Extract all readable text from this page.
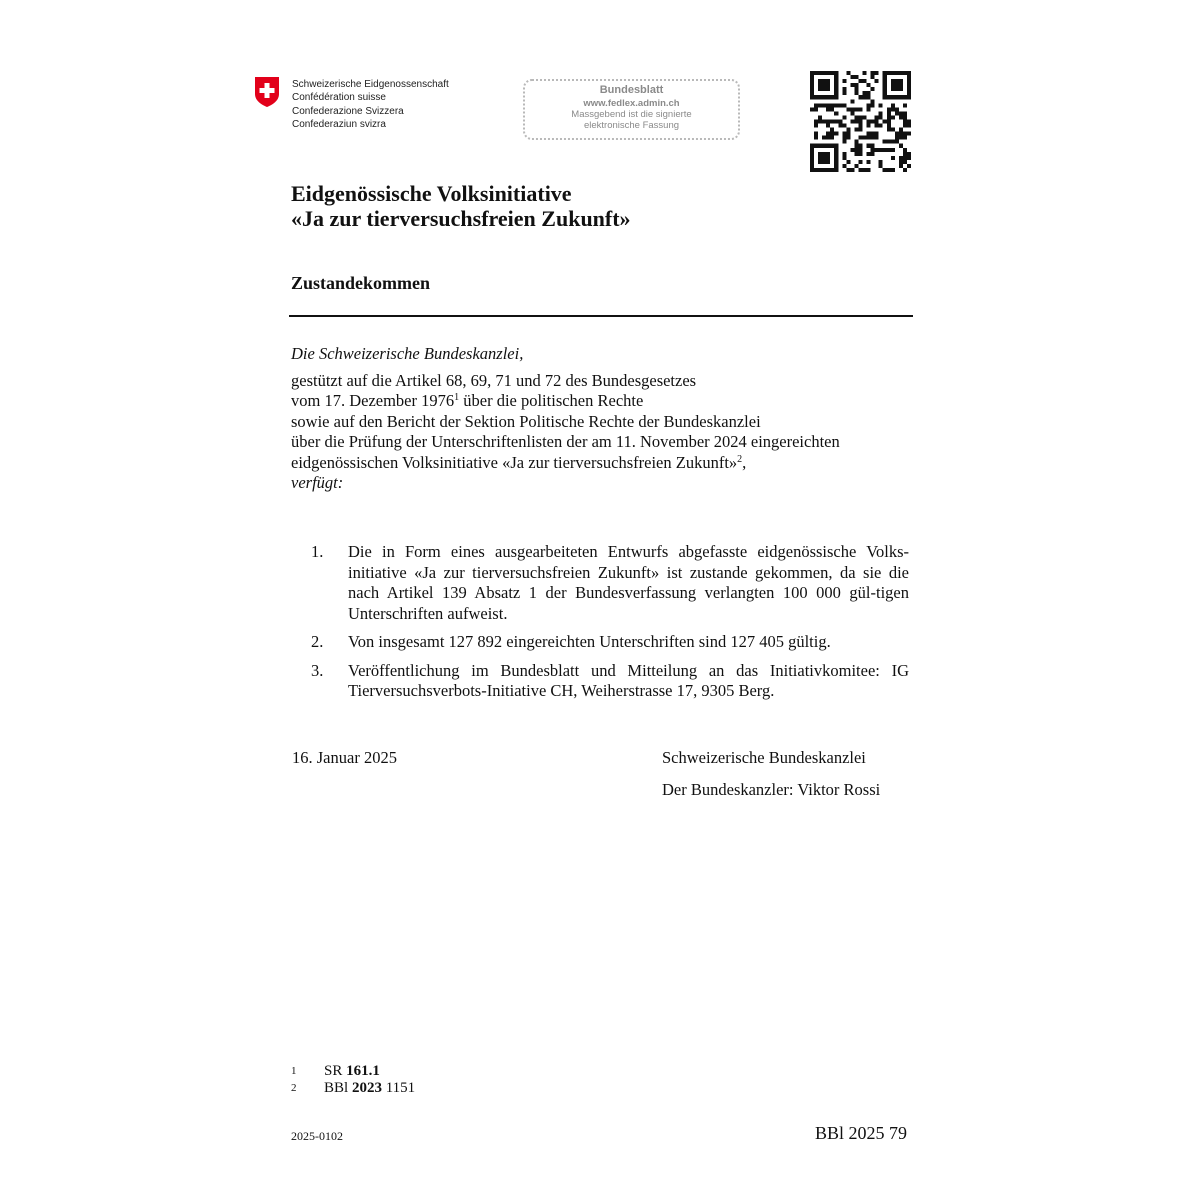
Schweizerische Eidgenossenschaft
Confédération suisse
Confederazione Svizzera
Confederaziun svizra
Bundesblatt
www.fedlex.admin.ch
Massgebend ist die signierte
elektronische Fassung
Eidgenössische Volksinitiative
«Ja zur tierversuchsfreien Zukunft»
Zustandekommen
Die Schweizerische Bundeskanzlei,
gestützt auf die Artikel 68, 69, 71 und 72 des Bundesgesetzes
vom 17. Dezember 1976$^1$ über die politischen Rechte
sowie auf den Bericht der Sektion Politische Rechte der Bundeskanzlei
über die Prüfung der Unterschriftenlisten der am 11. November 2024 eingereichten
eidgenössischen Volksinitiative «Ja zur tierversuchsfreien Zukunft»$^2$,
verfügt:
1.	Die in Form eines ausgearbeiteten Entwurfs abgefasste eidgenössische Volks-initiative «Ja zur tierversuchsfreien Zukunft» ist zustande gekommen, da sie die nach Artikel 139 Absatz 1 der Bundesverfassung verlangten 100 000 gül-tigen Unterschriften aufweist.
2.	Von insgesamt 127 892 eingereichten Unterschriften sind 127 405 gültig.
3.	Veröffentlichung im Bundesblatt und Mitteilung an das Initiativkomitee: IG Tierversuchsverbots-Initiative CH, Weiherstrasse 17, 9305 Berg.
16. Januar 2025	Schweizerische Bundeskanzlei
Der Bundeskanzler: Viktor Rossi
1	SR 161.1
2	BBl 2023 1151
2025-0102	BBl 2025 79
